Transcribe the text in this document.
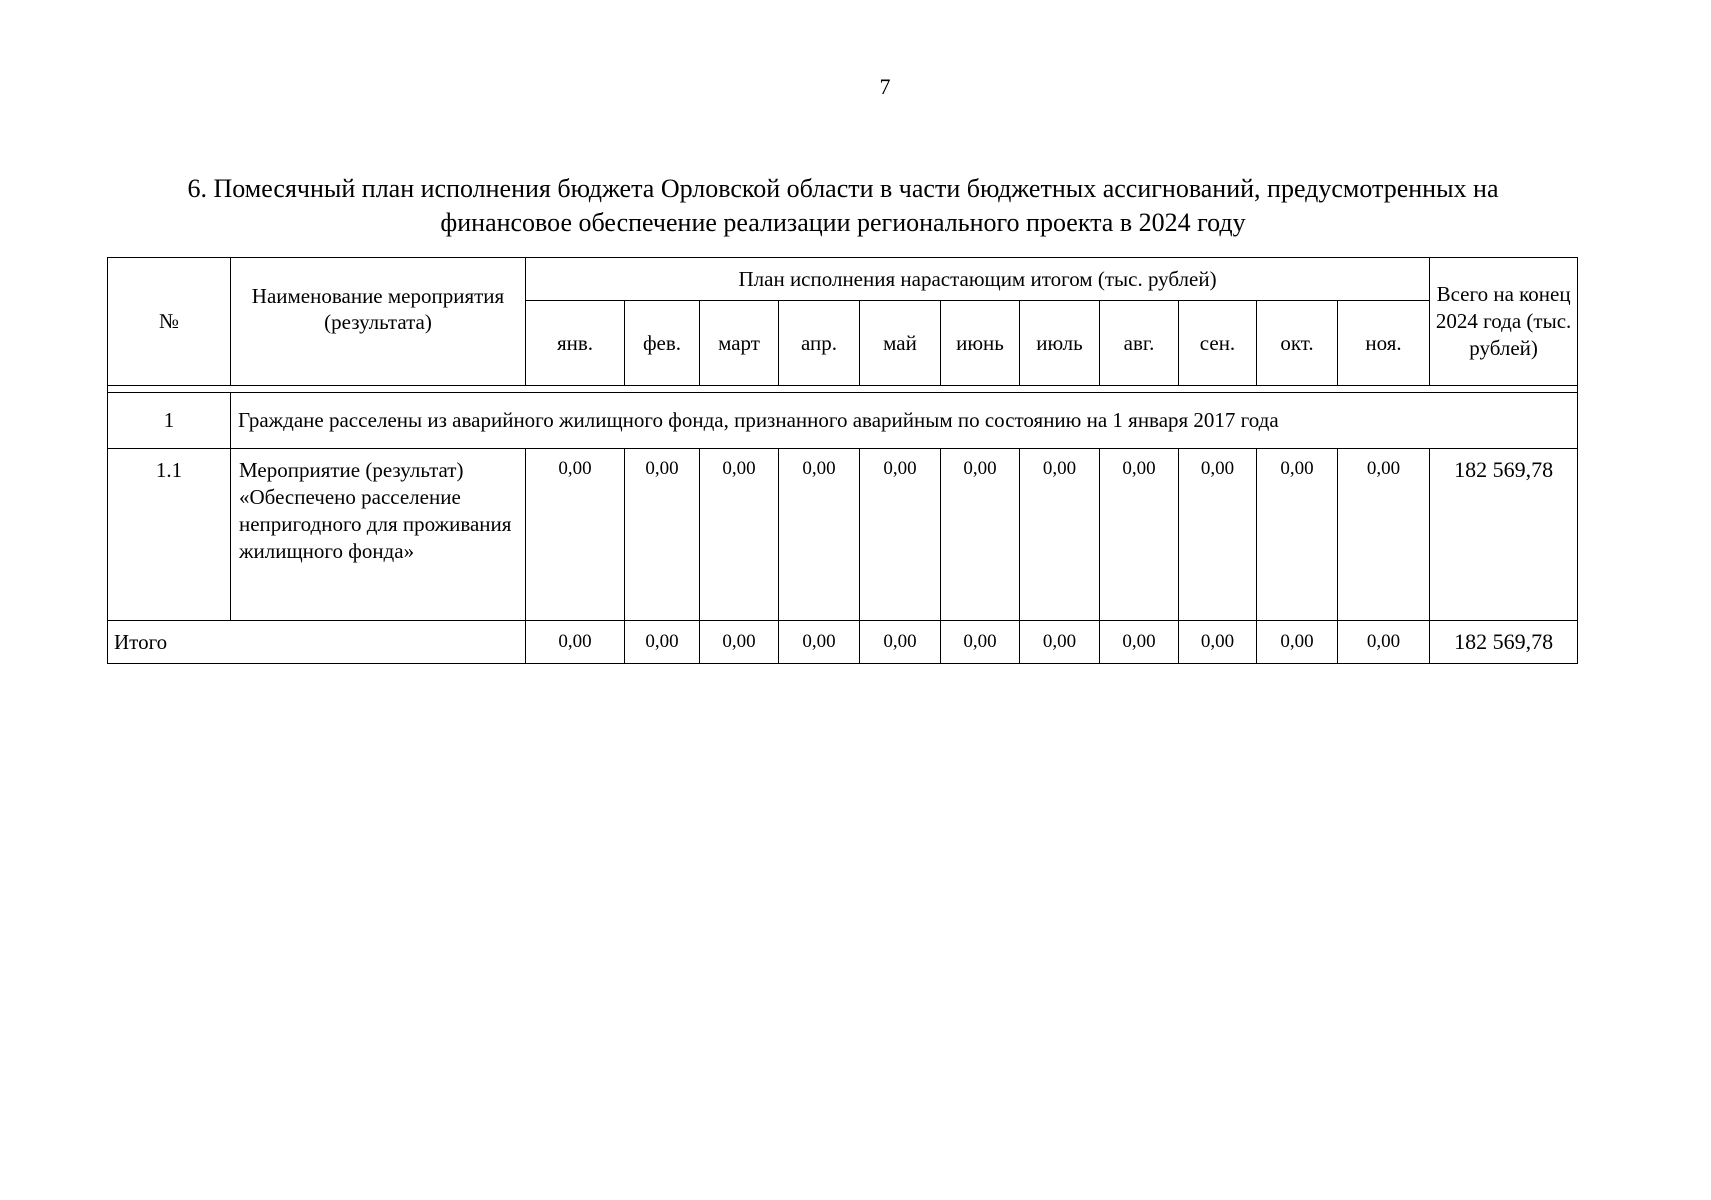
7
6. Помесячный план исполнения бюджета Орловской области в части бюджетных ассигнований, предусмотренных на
финансовое обеспечение реализации регионального проекта в 2024 году
№	Наименование мероприятия (результата)	План исполнения нарастающим итогом (тыс. рублей)											Всего на конец 2024 года (тыс. рублей)
		янв.	фев.	март	апр.	май	июнь	июль	авг.	сен.	окт.	ноя.	

1	Граждане расселены из аварийного жилищного фонда, признанного аварийным по состоянию на 1 января 2017 года												
1.1	Мероприятие (результат) «Обеспечено расселение непригодного для проживания жилищного фонда»	0,00	0,00	0,00	0,00	0,00	0,00	0,00	0,00	0,00	0,00	0,00	182 569,78
Итого		0,00	0,00	0,00	0,00	0,00	0,00	0,00	0,00	0,00	0,00	0,00	182 569,78
